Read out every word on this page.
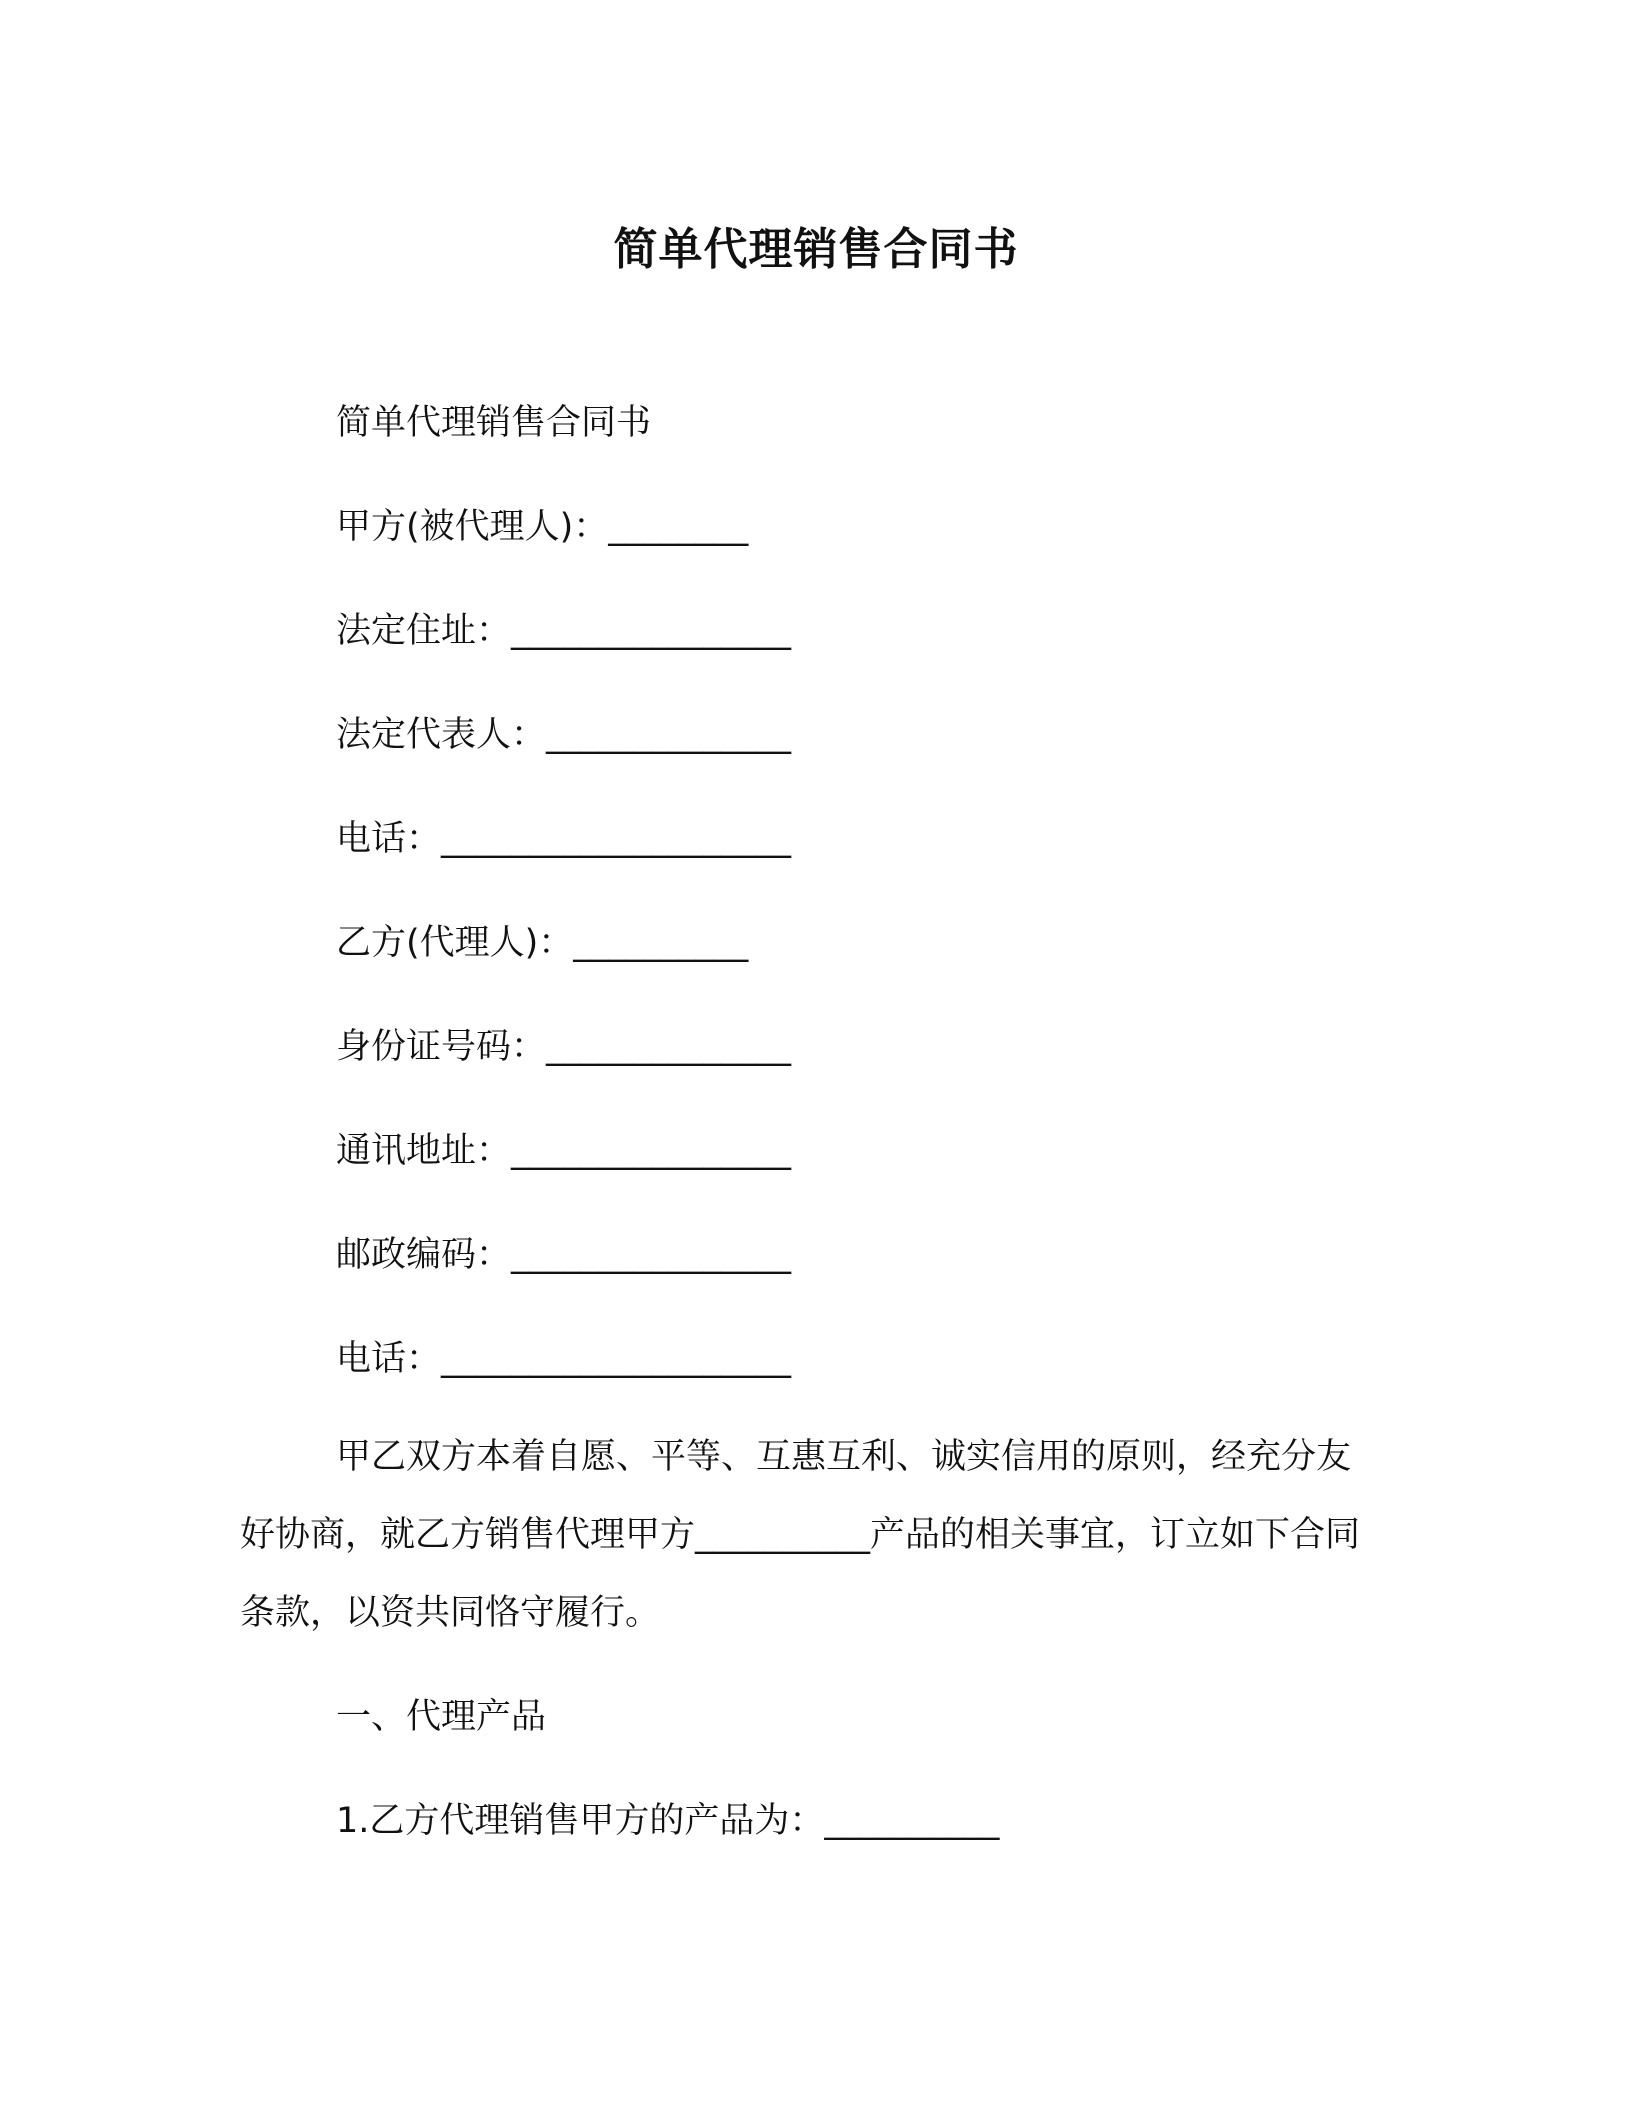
简单代理销售合同书
简单代理销售合同书
甲方(被代理人)：________
法定住址：________________
法定代表人：______________
电话：____________________
乙方(代理人)：__________
身份证号码：______________
通讯地址：________________
邮政编码：________________
电话：____________________
甲乙双方本着自愿、平等、互惠互利、诚实信用的原则，经充分友好协商，就乙方销售代理甲方__________产品的相关事宜，订立如下合同条款，以资共同恪守履行。
一、代理产品
1.乙方代理销售甲方的产品为：__________
